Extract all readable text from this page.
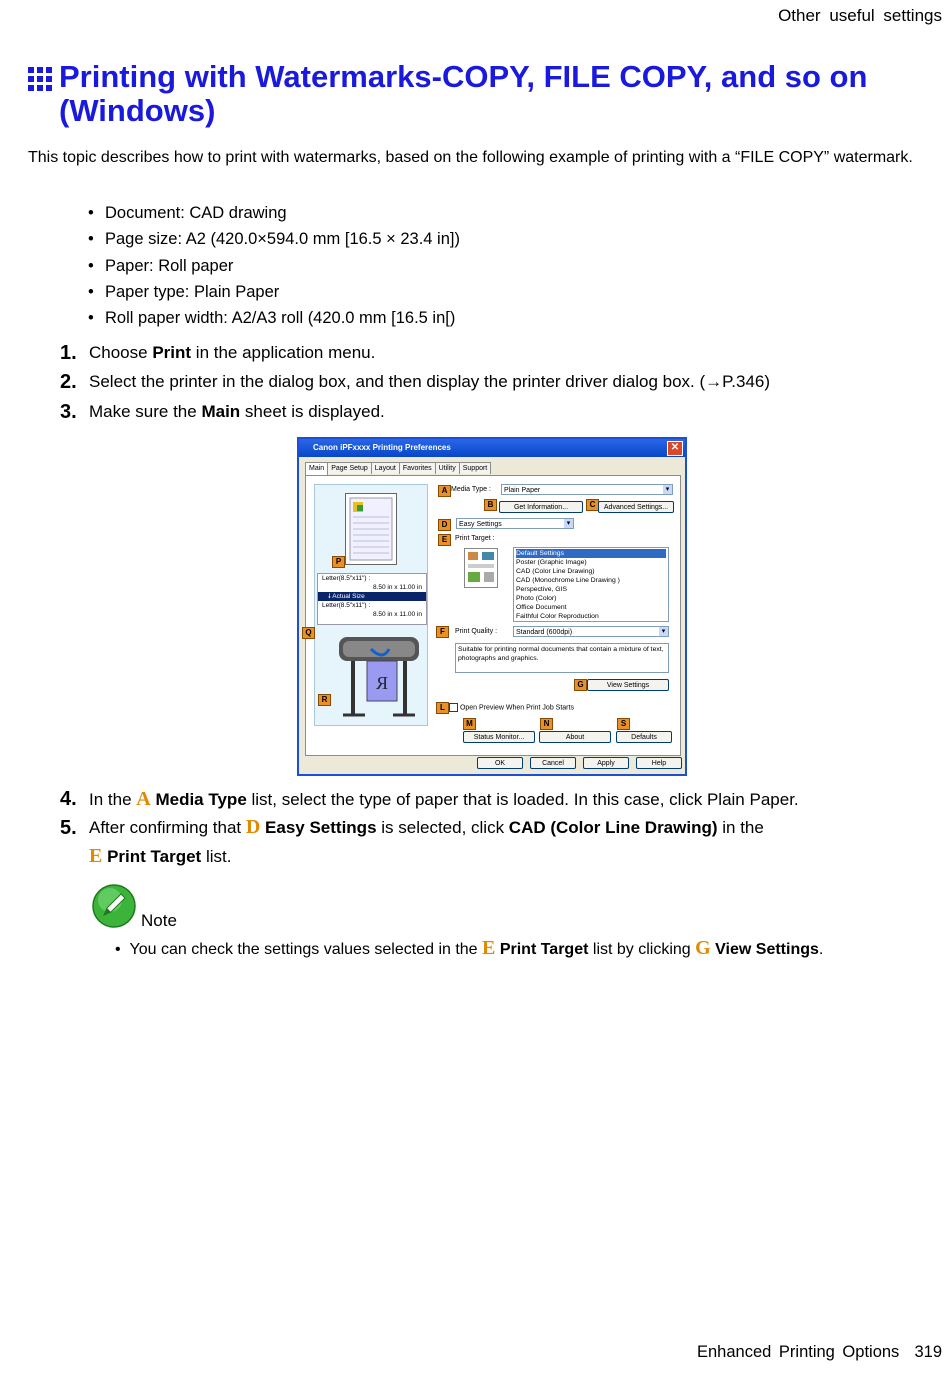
Other useful settings
Printing with Watermarks-COPY, FILE COPY, and so on
(Windows)
This topic describes how to print with watermarks, based on the following example of printing with a “FILE COPY” watermark.
• Document: CAD drawing
• Page size: A2 (420.0×594.0 mm [16.5 × 23.4 in])
• Paper: Roll paper
• Paper type: Plain Paper
• Roll paper width: A2/A3 roll (420.0 mm [16.5 in[)
1. Choose Print in the application menu.
2. Select the printer in the dialog box, and then display the printer driver dialog box. (→P.346)
3. Make sure the Main sheet is displayed.
Canon iPFxxxx Printing Preferences	✕
Main Page Setup Layout Favorites Utility Support
Letter(8.5"x11") :
8.50 in x 11.00 in
🠗 Actual Size
Letter(8.5"x11") :
8.50 in x 11.00 in
R
P
Q
R
A Media Type :	Plain Paper ▾
B	Get Information...	C	Advanced Settings...
D	Easy Settings ▾
E	Print Target :
Default Settings
Poster (Graphic Image)
CAD (Color Line Drawing)
CAD (Monochrome Line Drawing )
Perspective, GIS
Photo (Color)
Office Document
Faithful Color Reproduction
F	Print Quality :	Standard (600dpi) ▾
Suitable for printing normal documents that contain a mixture of text, photographs and graphics.
G	View Settings
L	Open Preview When Print Job Starts
M	N	S
Status Monitor...	About	Defaults
OK	Cancel	Apply	Help
4. In the A Media Type list, select the type of paper that is loaded. In this case, click Plain Paper.
5. After confirming that D Easy Settings is selected, click CAD (Color Line Drawing) in the
E Print Target list.
Note
•  You can check the settings values selected in the E Print Target list by clicking G View Settings.
Enhanced Printing Options 319
